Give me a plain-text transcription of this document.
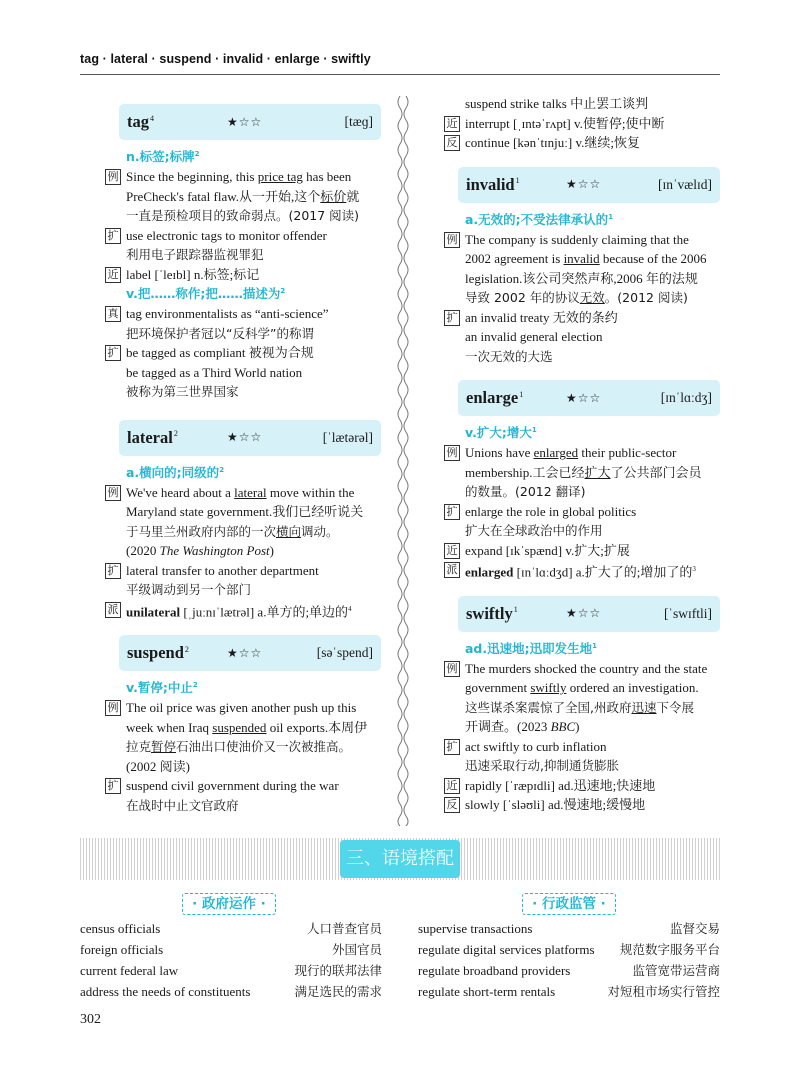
tag · lateral · suspend · invalid · enlarge · swiftly
tag$^4$	★☆☆	[tæɡ]
n.标签;标牌$^2$
例 Since the beginning, this price tag has been
PreCheck's fatal flaw.从一开始,这个标价就
一直是预检项目的致命弱点。(2017 阅读)
扩 use electronic tags to monitor offender
利用电子跟踪器监视罪犯
近 label [ˈleɪbl] n.标签;标记
v.把……称作;把……描述为$^2$
真 tag environmentalists as “anti-science”
把环境保护者冠以“反科学”的称谓
扩 be tagged as compliant 被视为合规
be tagged as a Third World nation
被称为第三世界国家
lateral$^2$	★☆☆	[ˈlætərəl]
a.横向的;同级的$^2$
例 We've heard about a lateral move within the
Maryland state government.我们已经听说关
于马里兰州政府内部的一次横向调动。
(2020 The Washington Post)
扩 lateral transfer to another department
平级调动到另一个部门
派 unilateral [ˌjuːnɪˈlætrəl] a.单方的;单边的$^4$
suspend$^2$	★☆☆	[səˈspend]
v.暂停;中止$^2$
例 The oil price was given another push up this
week when Iraq suspended oil exports.本周伊
拉克暂停石油出口使油价又一次被推高。
(2002 阅读)
扩 suspend civil government during the war
在战时中止文官政府
suspend strike talks 中止罢工谈判
近 interrupt [ˌɪntəˈrʌpt] v.使暂停;使中断
反 continue [kənˈtɪnjuː] v.继续;恢复
invalid$^1$	★☆☆	[ɪnˈvælɪd]
a.无效的;不受法律承认的$^1$
例 The company is suddenly claiming that the
2002 agreement is invalid because of the 2006
legislation.该公司突然声称,2006 年的法规
导致 2002 年的协议无效。(2012 阅读)
扩 an invalid treaty 无效的条约
an invalid general election
一次无效的大选
enlarge$^1$	★☆☆	[ɪnˈlɑːdʒ]
v.扩大;增大$^1$
例 Unions have enlarged their public-sector
membership.工会已经扩大了公共部门会员
的数量。(2012 翻译)
扩 enlarge the role in global politics
扩大在全球政治中的作用
近 expand [ɪkˈspænd] v.扩大;扩展
派 enlarged [ɪnˈlɑːdʒd] a.扩大了的;增加了的$^3$
swiftly$^1$	★☆☆	[ˈswɪftli]
ad.迅速地;迅即发生地$^1$
例 The murders shocked the country and the state
government swiftly ordered an investigation.
这些谋杀案震惊了全国,州政府迅速下令展
开调查。(2023 BBC)
扩 act swiftly to curb inflation
迅速采取行动,抑制通货膨胀
近 rapidly [ˈræpɪdli] ad.迅速地;快速地
反 slowly [ˈsləʊli] ad.慢速地;缓慢地
三、语境搭配
· 政府运作 ·	· 行政监管 ·
census officials	人口普查官员
foreign officials	外国官员
current federal law	现行的联邦法律
address the needs of constituents	满足选民的需求
supervise transactions	监督交易
regulate digital services platforms 规范数字服务平台
regulate broadband providers	监管宽带运营商
regulate short-term rentals	对短租市场实行管控
302
